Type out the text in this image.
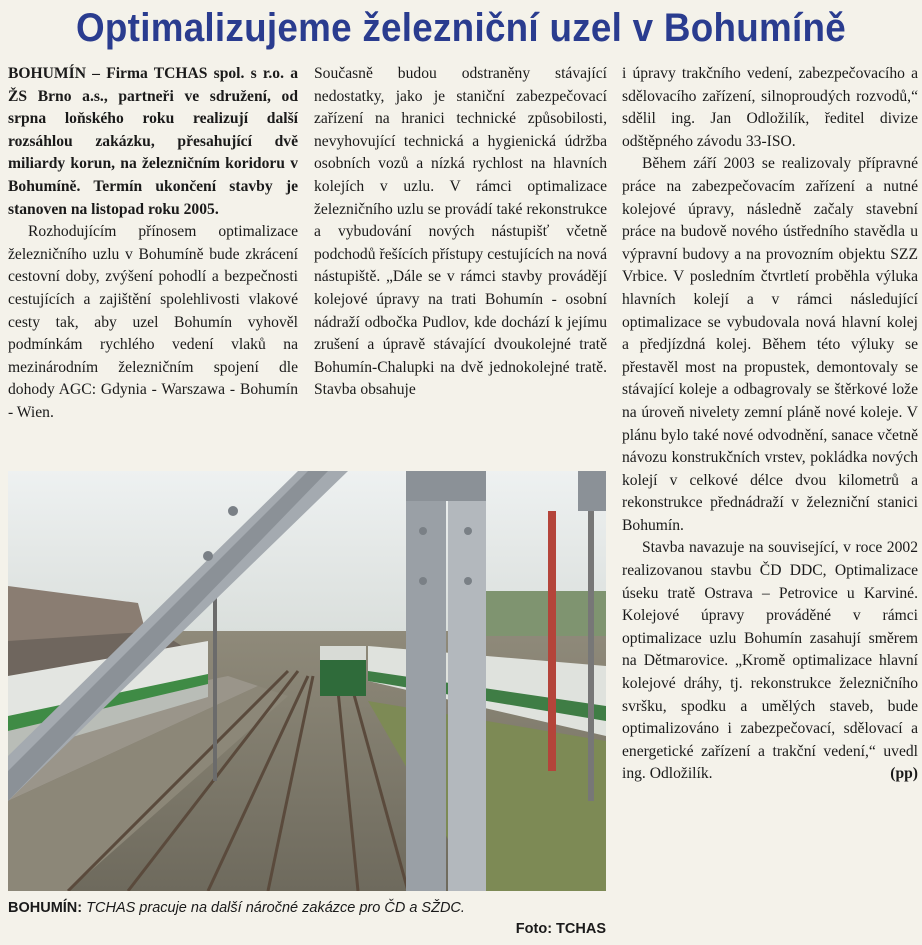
Optimalizujeme železniční uzel v Bohumíně

BOHUMÍN – Firma TCHAS spol. s r.o. a ŽS Brno a.s., partneři ve sdružení, od srpna loňského roku realizují další rozsáhlou zakázku, přesahující dvě miliardy korun, na železničním koridoru v Bohumíně. Termín ukončení stavby je stanoven na listopad roku 2005.

Rozhodujícím přínosem optimalizace železničního uzlu v Bohumíně bude zkrácení cestovní doby, zvýšení pohodlí a bezpečnosti cestujících a zajištění spolehlivosti vlakové cesty tak, aby uzel Bohumín vyhověl podmínkám rychlého vedení vlaků na mezinárodním železničním spojení dle dohody AGC: Gdynia - Warszawa - Bohumín - Wien.

Současně budou odstraněny stávající nedostatky, jako je staniční zabezpečovací zařízení na hranici technické způsobilosti, nevyhovující technická a hygienická údržba osobních vozů a nízká rychlost na hlavních kolejích v uzlu. V rámci optimalizace železničního uzlu se provádí také rekonstrukce a vybudování nových nástupišť včetně podchodů řešících přístupy cestujících na nová nástupiště. „Dále se v rámci stavby provádějí kolejové úpravy na trati Bohumín - osobní nádraží odbočka Pudlov, kde dochází k jejímu zrušení a úpravě stávající dvoukolejné tratě Bohumín-Chalupki na dvě jednokolejné tratě. Stavba obsahuje

i úpravy trakčního vedení, zabezpečovacího a sdělovacího zařízení, silnoproudých rozvodů,“ sdělil ing. Jan Odložilík, ředitel divize odštěpného závodu 33-ISO.

Během září 2003 se realizovaly přípravné práce na zabezpečovacím zařízení a nutné kolejové úpravy, následně začaly stavební práce na budově nového ústředního stavědla u výpravní budovy a na provozním objektu SZZ Vrbice. V posledním čtvrtletí proběhla výluka hlavních kolejí a v rámci následující optimalizace se vybudovala nová hlavní kolej a předjízdná kolej. Během této výluky se přestavěl most na propustek, demontovaly se stávající koleje a odbagrovaly se štěrkové lože na úroveň nivelety zemní pláně nové koleje. V plánu bylo také nové odvodnění, sanace včetně návozu konstrukčních vrstev, pokládka nových kolejí v celkové délce dvou kilometrů a rekonstrukce přednádraží v železniční stanici Bohumín.

Stavba navazuje na související, v roce 2002 realizovanou stavbu ČD DDC, Optimalizace úseku tratě Ostrava – Petrovice u Karviné. Kolejové úpravy prováděné v rámci optimalizace uzlu Bohumín zasahují směrem na Dětmarovice. „Kromě optimalizace hlavní kolejové dráhy, tj. rekonstrukce železničního svršku, spodku a umělých staveb, bude optimalizováno i zabezpečovací, sdělovací a energetické zařízení a trakční vedení,“ uvedl ing. Odložilík.	(pp)

BOHUMÍN: TCHAS pracuje na další náročné zakázce pro ČD a SŽDC.
Foto: TCHAS
